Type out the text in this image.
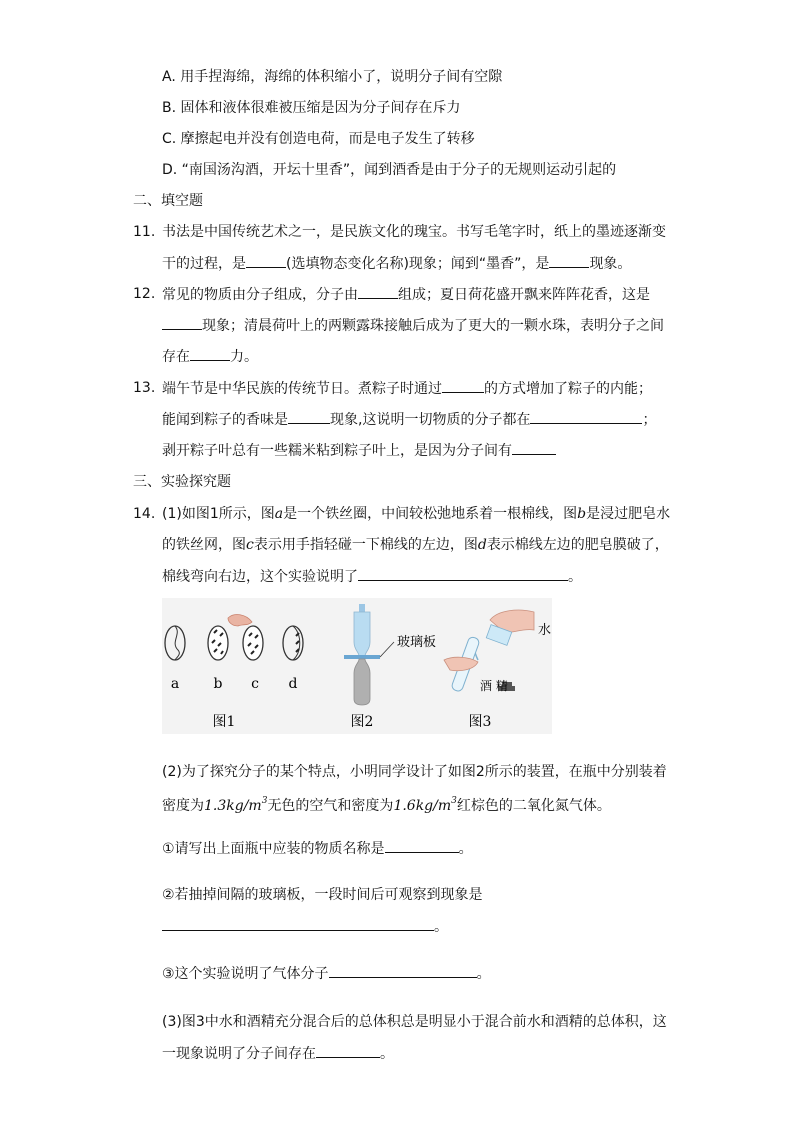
A. 用手捏海绵，海绵的体积缩小了，说明分子间有空隙
B. 固体和液体很难被压缩是因为分子间存在斥力
C. 摩擦起电并没有创造电荷，而是电子发生了转移
D. “南国汤沟酒，开坛十里香”，闻到酒香是由于分子的无规则运动引起的
二、填空题
11. 书法是中国传统艺术之一，是民族文化的瑰宝。书写毛笔字时，纸上的墨迹逐渐变
干的过程，是	(选填物态变化名称)现象；闻到“墨香”，是	现象。
12. 常见的物质由分子组成，分子由	组成；夏日荷花盛开飘来阵阵花香，这是
现象；清晨荷叶上的两颗露珠接触后成为了更大的一颗水珠，表明分子之间
存在	力。
13. 端午节是中华民族的传统节日。煮粽子时通过	的方式增加了粽子的内能；
能闻到粽子的香味是	现象,这说明一切物质的分子都在	；
剥开粽子叶总有一些糯米粘到粽子叶上，是因为分子间有
三、实验探究题
14. (1)如图1所示，图a是一个铁丝圈，中间较松弛地系着一根棉线，图b是浸过肥皂水
的铁丝网，图c表示用手指轻碰一下棉线的左边，图d表示棉线左边的肥皂膜破了，
棉线弯向右边，这个实验说明了	。
a b c d
玻璃板
水
酒 精
图1	图2	图3
(2)为了探究分子的某个特点，小明同学设计了如图2所示的装置，在瓶中分别装着
密度为$1.3kg/m^3$无色的空气和密度为$1.6kg/m^3$红棕色的二氧化氮气体。
①请写出上面瓶中应装的物质名称是	。
②若抽掉间隔的玻璃板，一段时间后可观察到现象是
。
③这个实验说明了气体分子	。
(3)图3中水和酒精充分混合后的总体积总是明显小于混合前水和酒精的总体积，这
一现象说明了分子间存在	。
